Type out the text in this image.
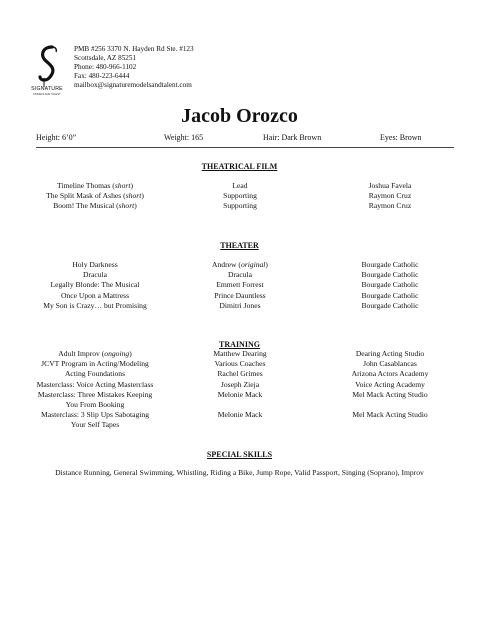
SIGNATURE
MODELS AND TALENT
PMB #256 3370 N. Hayden Rd Ste. #123
Scottsdale, AZ 85251
Phone: 480-966-1102
Fax: 480-223-6444
mailbox@signaturemodelsandtalent.com
Jacob Orozco
Height: 6’0”	Weight: 165	Hair: Dark Brown	Eyes: Brown
THEATRICAL FILM
THEATER
TRAINING
SPECIAL SKILLS
Timeline Thomas (short)	Lead	Joshua Favela
The Split Mask of Ashes (short)	Supporting	Raymon Cruz
Boom! The Musical (short)	Supporting	Raymon Cruz
Holy Darkness	Andrew (original)	Bourgade Catholic
Dracula	Dracula	Bourgade Catholic
Legally Blonde: The Musical	Emmett Forrest	Bourgade Catholic
Once Upon a Mattress	Prince Dauntless	Bourgade Catholic
My Son is Crazy… but Promising	Dimitri Jones	Bourgade Catholic
Adult Improv (ongoing)	Matthew Dearing	Dearing Acting Studio
JCVT Program in Acting/Modeling	Various Coaches	John Casablancas
Acting Foundations	Rachel Grimes	Arizona Actors Academy
Masterclass: Voice Acting Masterclass	Joseph Zieja	Voice Acting Academy
Masterclass: Three Mistakes Keeping	Melonie Mack	Mel Mack Acting Studio
You From Booking
Masterclass: 3 Slip Ups Sabotaging	Melonie Mack	Mel Mack Acting Studio
Your Self Tapes
Distance Running, General Swimming, Whistling, Riding a Bike, Jump Rope, Valid Passport, Singing (Soprano), Improv
